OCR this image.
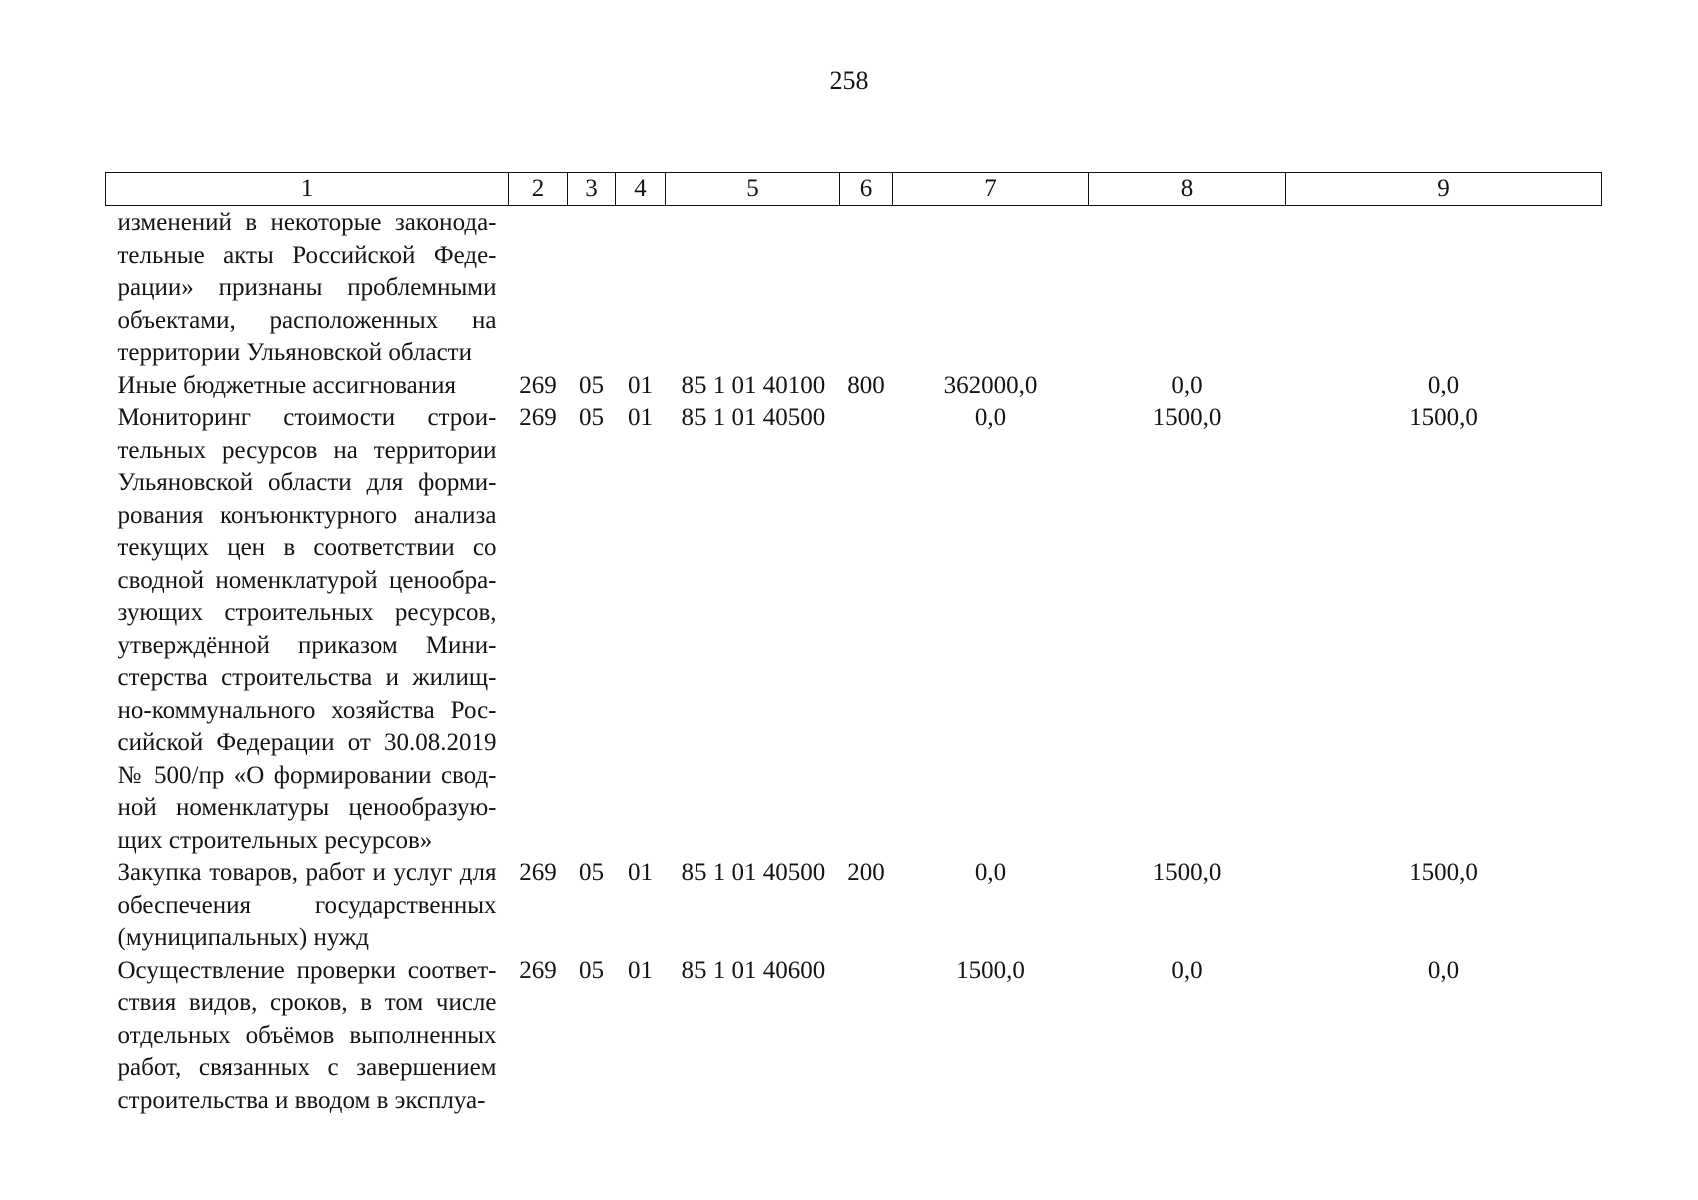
258
1	2	3	4	5	6	7	8	9
изменений в некоторые законода-тельные акты Российской Феде-рации» признаны проблемными объектами, расположенных на территории Ульяновской области								
Иные бюджетные ассигнования	269	05	01	85 1 01 40100	800	362000,0	0,0	0,0
Мониторинг стоимости строи-тельных ресурсов на территории Ульяновской области для форми-рования конъюнктурного анализа текущих цен в соответствии со сводной номенклатурой ценообра-зующих строительных ресурсов, утверждённой приказом Мини-стерства строительства и жилищ-но-коммунального хозяйства Рос-сийской Федерации от 30.08.2019 № 500/пр «О формировании свод-ной номенклатуры ценообразую-щих строительных ресурсов»	269	05	01	85 1 01 40500		0,0	1500,0	1500,0
Закупка товаров, работ и услуг для обеспечения государственных (муниципальных) нужд	269	05	01	85 1 01 40500	200	0,0	1500,0	1500,0
Осуществление проверки соответ-ствия видов, сроков, в том числе отдельных объёмов выполненных работ, связанных с завершением строительства и вводом в эксплуа-	269	05	01	85 1 01 40600		1500,0	0,0	0,0
